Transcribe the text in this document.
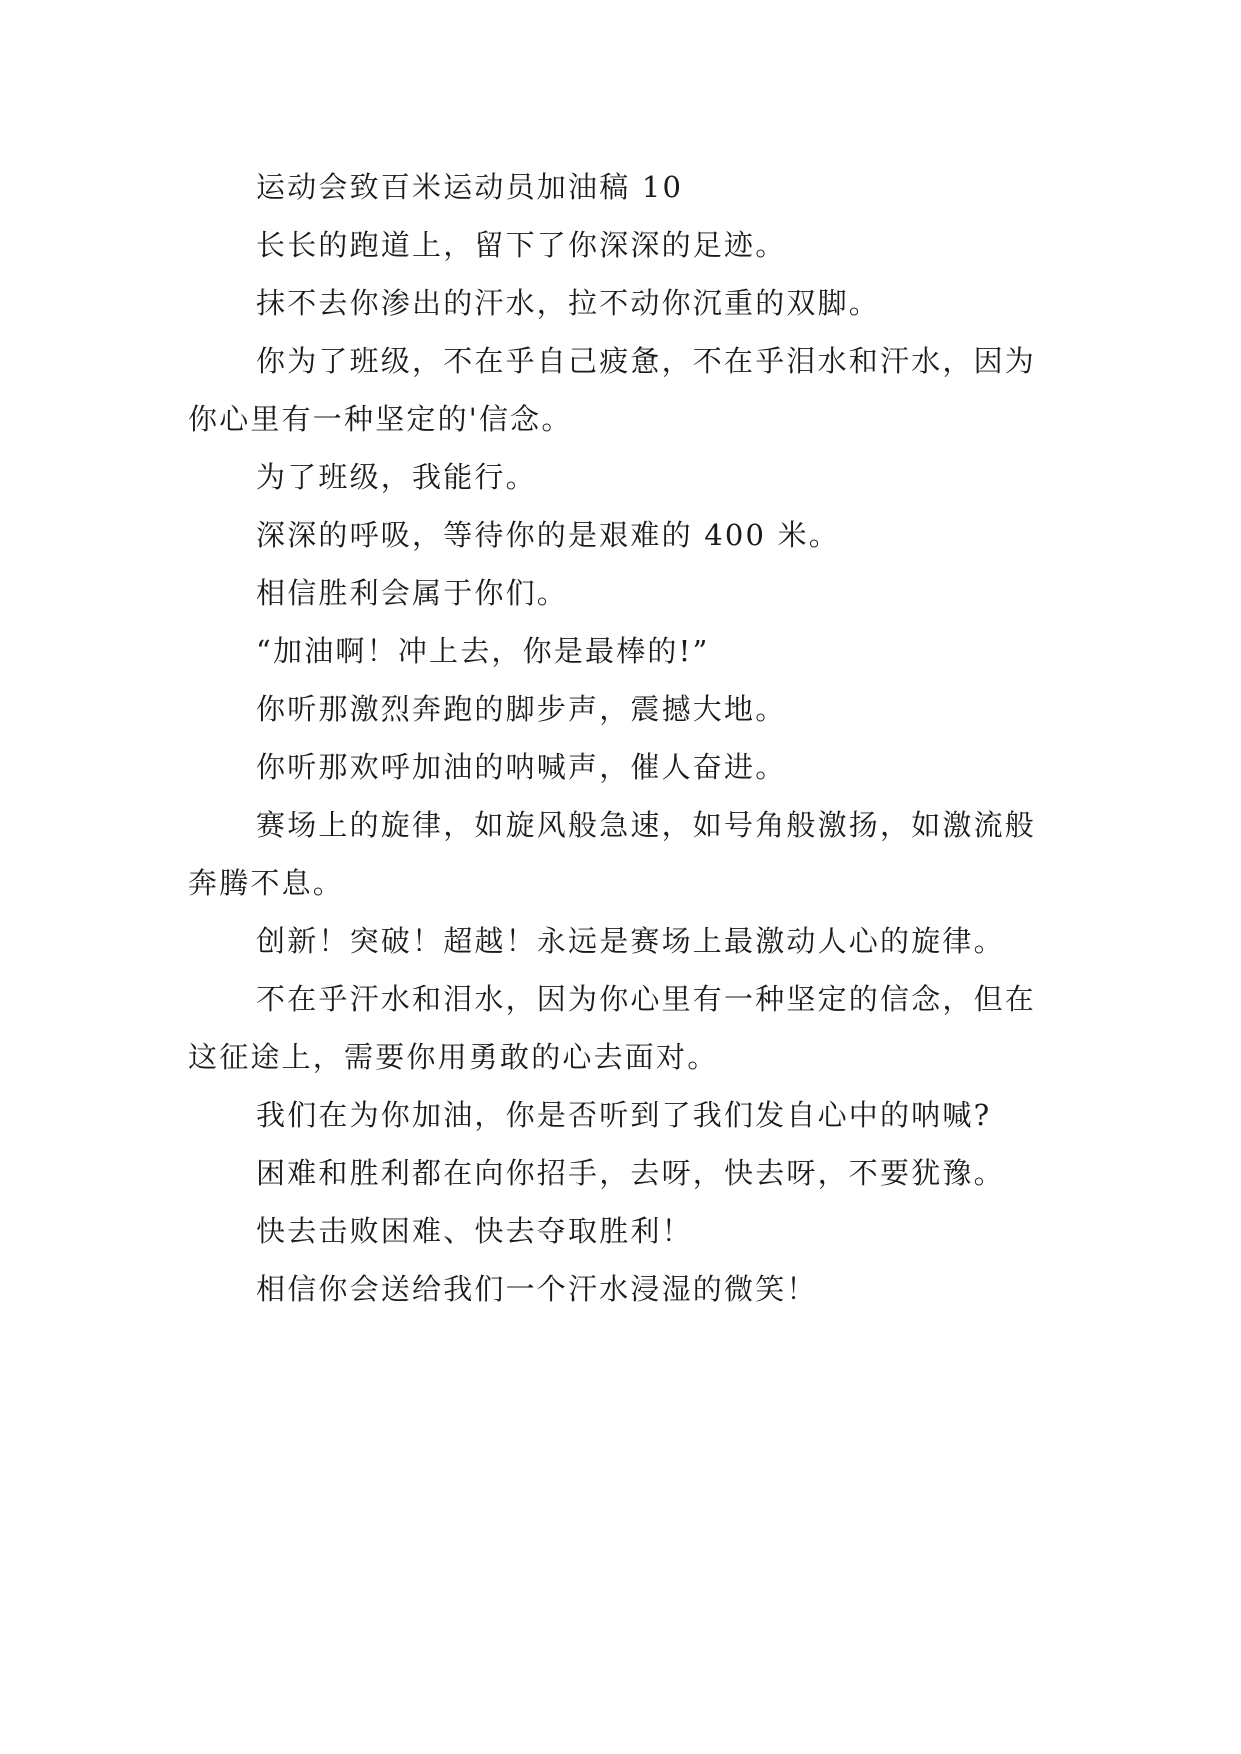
运动会致百米运动员加油稿 10

长长的跑道上，留下了你深深的足迹。

抹不去你渗出的汗水，拉不动你沉重的双脚。

你为了班级，不在乎自己疲惫，不在乎泪水和汗水，因为你心里有一种坚定的'信念。

为了班级，我能行。

深深的呼吸，等待你的是艰难的 400 米。

相信胜利会属于你们。

“加油啊！冲上去，你是最棒的!”

你听那激烈奔跑的脚步声，震撼大地。

你听那欢呼加油的呐喊声，催人奋进。

赛场上的旋律，如旋风般急速，如号角般激扬，如激流般奔腾不息。

创新！突破！超越！永远是赛场上最激动人心的旋律。

不在乎汗水和泪水，因为你心里有一种坚定的信念，但在这征途上，需要你用勇敢的心去面对。

我们在为你加油，你是否听到了我们发自心中的呐喊?

困难和胜利都在向你招手，去呀，快去呀，不要犹豫。

快去击败困难、快去夺取胜利！

相信你会送给我们一个汗水浸湿的微笑！
